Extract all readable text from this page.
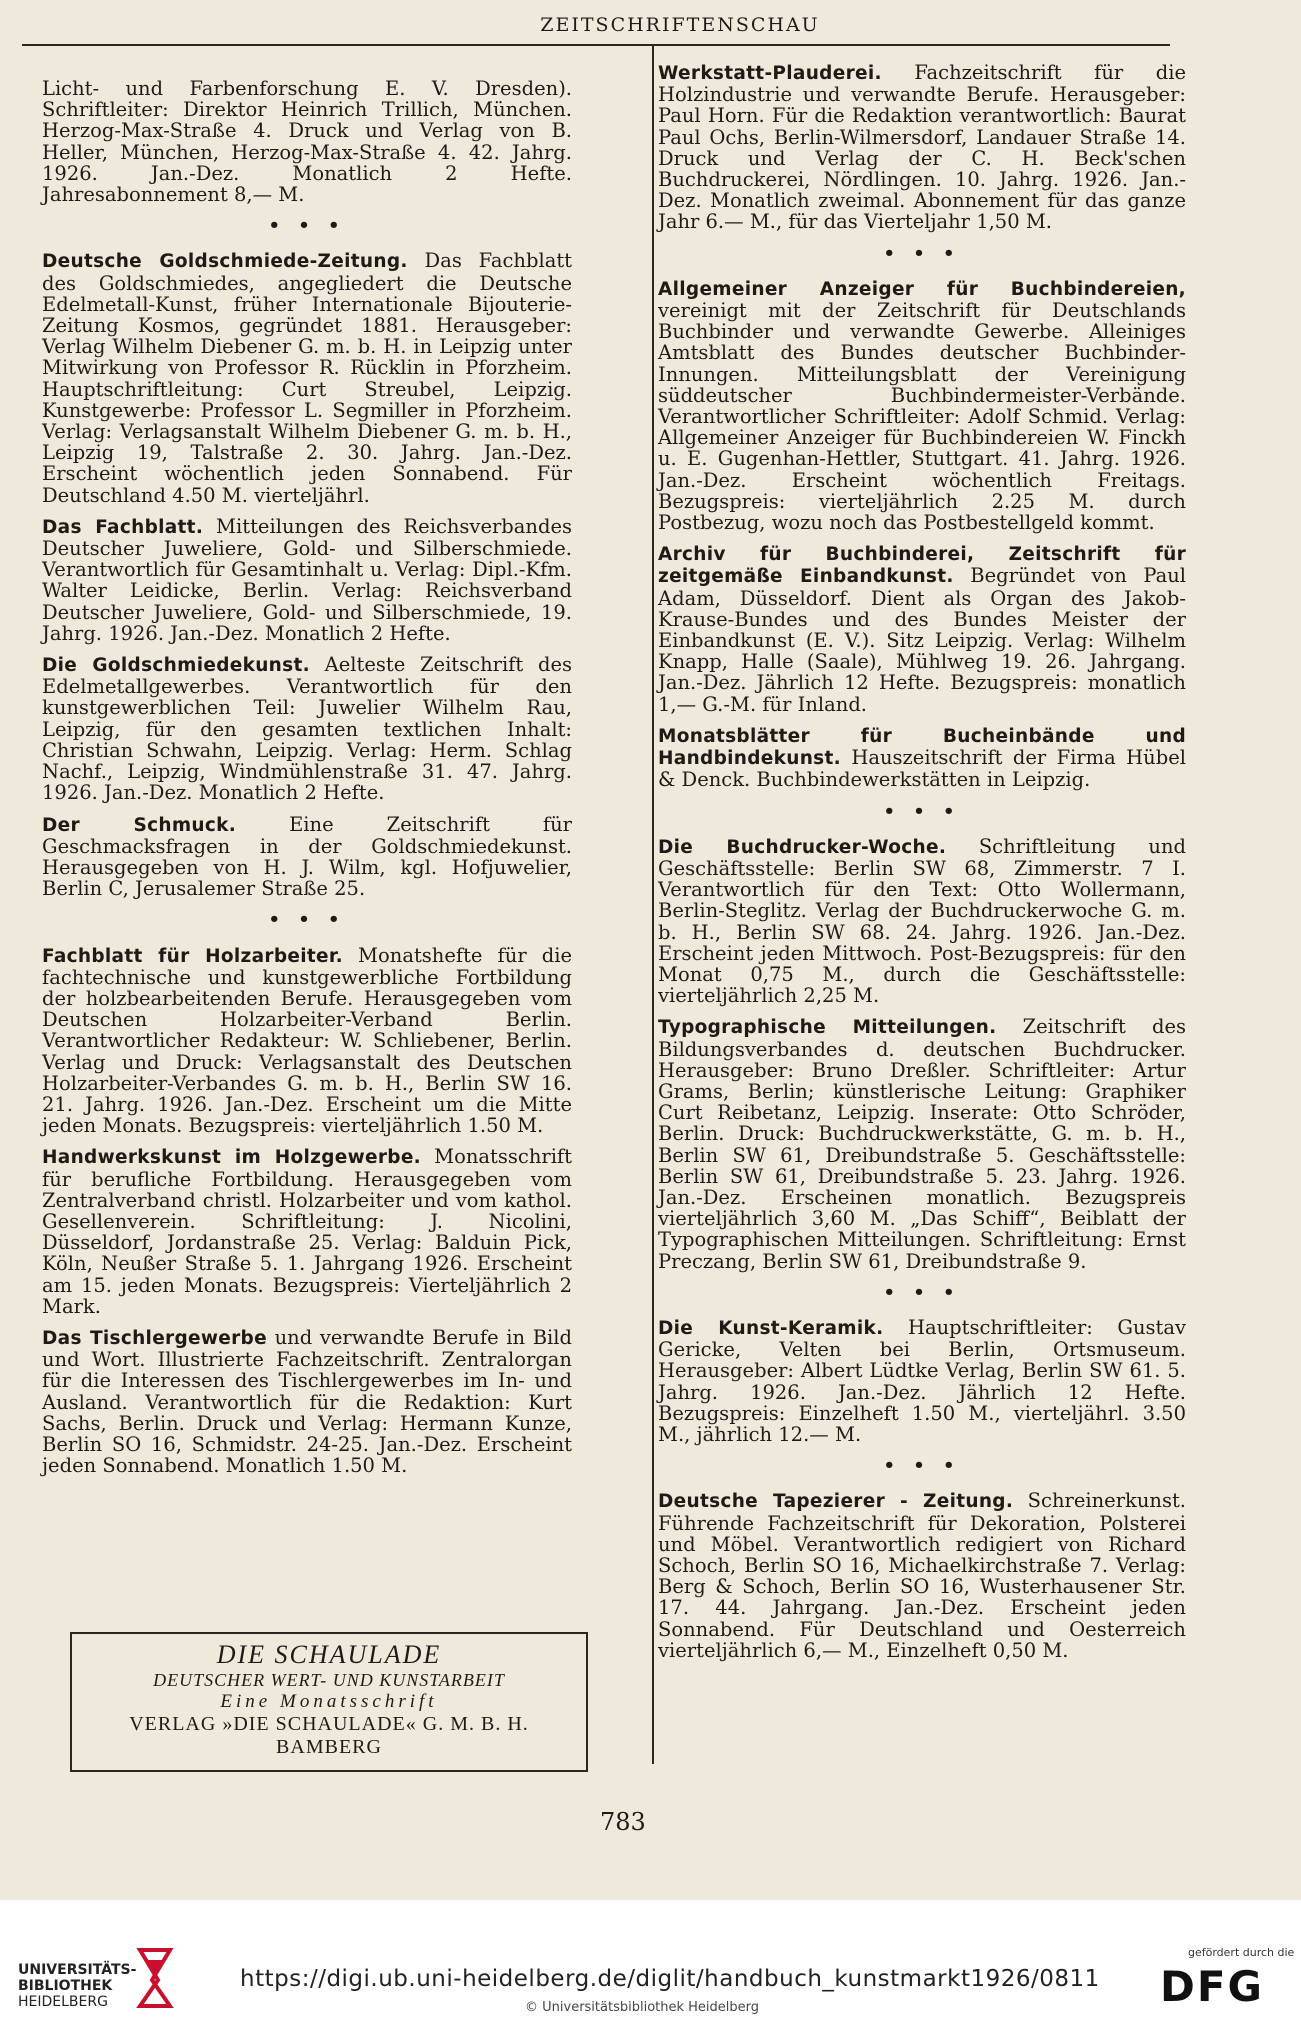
ZEITSCHRIFTENSCHAU

Licht- und Farbenforschung E. V. Dresden). Schriftleiter: Direktor Heinrich Trillich, München. Herzog-Max-Straße 4. Druck und Verlag von B. Heller, München, Herzog-Max-Straße 4. 42. Jahrg. 1926. Jan.-Dez. Monatlich 2 Hefte. Jahresabonnement 8,— M.

• • •

Deutsche Goldschmiede-Zeitung. Das Fachblatt des Goldschmiedes, angegliedert die Deutsche Edelmetall-Kunst, früher Internationale Bijouterie-Zeitung Kosmos, gegründet 1881. Herausgeber: Verlag Wilhelm Diebener G. m. b. H. in Leipzig unter Mitwirkung von Professor R. Rücklin in Pforzheim. Hauptschriftleitung: Curt Streubel, Leipzig. Kunstgewerbe: Professor L. Segmiller in Pforzheim. Verlag: Verlagsanstalt Wilhelm Diebener G. m. b. H., Leipzig 19, Talstraße 2. 30. Jahrg. Jan.-Dez. Erscheint wöchentlich jeden Sonnabend. Für Deutschland 4.50 M. vierteljährl.

Das Fachblatt. Mitteilungen des Reichsverbandes Deutscher Juweliere, Gold- und Silberschmiede. Verantwortlich für Gesamtinhalt u. Verlag: Dipl.-Kfm. Walter Leidicke, Berlin. Verlag: Reichsverband Deutscher Juweliere, Gold- und Silberschmiede, 19. Jahrg. 1926. Jan.-Dez. Monatlich 2 Hefte.

Die Goldschmiedekunst. Aelteste Zeitschrift des Edelmetallgewerbes. Verantwortlich für den kunstgewerblichen Teil: Juwelier Wilhelm Rau, Leipzig, für den gesamten textlichen Inhalt: Christian Schwahn, Leipzig. Verlag: Herm. Schlag Nachf., Leipzig, Windmühlenstraße 31. 47. Jahrg. 1926. Jan.-Dez. Monatlich 2 Hefte.

Der Schmuck. Eine Zeitschrift für Geschmacksfragen in der Goldschmiedekunst. Herausgegeben von H. J. Wilm, kgl. Hofjuwelier, Berlin C, Jerusalemer Straße 25.

• • •

Fachblatt für Holzarbeiter. Monatshefte für die fachtechnische und kunstgewerbliche Fortbildung der holzbearbeitenden Berufe. Herausgegeben vom Deutschen Holzarbeiter-Verband Berlin. Verantwortlicher Redakteur: W. Schliebener, Berlin. Verlag und Druck: Verlagsanstalt des Deutschen Holzarbeiter-Verbandes G. m. b. H., Berlin SW 16. 21. Jahrg. 1926. Jan.-Dez. Erscheint um die Mitte jeden Monats. Bezugspreis: vierteljährlich 1.50 M.

Handwerkskunst im Holzgewerbe. Monatsschrift für berufliche Fortbildung. Herausgegeben vom Zentralverband christl. Holzarbeiter und vom kathol. Gesellenverein. Schriftleitung: J. Nicolini, Düsseldorf, Jordanstraße 25. Verlag: Balduin Pick, Köln, Neußer Straße 5. 1. Jahrgang 1926. Erscheint am 15. jeden Monats. Bezugspreis: Vierteljährlich 2 Mark.

Das Tischlergewerbe und verwandte Berufe in Bild und Wort. Illustrierte Fachzeitschrift. Zentralorgan für die Interessen des Tischlergewerbes im In- und Ausland. Verantwortlich für die Redaktion: Kurt Sachs, Berlin. Druck und Verlag: Hermann Kunze, Berlin SO 16, Schmidstr. 24-25. Jan.-Dez. Erscheint jeden Sonnabend. Monatlich 1.50 M.

Werkstatt-Plauderei. Fachzeitschrift für die Holzindustrie und verwandte Berufe. Herausgeber: Paul Horn. Für die Redaktion verantwortlich: Baurat Paul Ochs, Berlin-Wilmersdorf, Landauer Straße 14. Druck und Verlag der C. H. Beck'schen Buchdruckerei, Nördlingen. 10. Jahrg. 1926. Jan.-Dez. Monatlich zweimal. Abonnement für das ganze Jahr 6.— M., für das Vierteljahr 1,50 M.

• • •

Allgemeiner Anzeiger für Buchbindereien, vereinigt mit der Zeitschrift für Deutschlands Buchbinder und verwandte Gewerbe. Alleiniges Amtsblatt des Bundes deutscher Buchbinder-Innungen. Mitteilungsblatt der Vereinigung süddeutscher Buchbindermeister-Verbände. Verantwortlicher Schriftleiter: Adolf Schmid. Verlag: Allgemeiner Anzeiger für Buchbindereien W. Finckh u. E. Gugenhan-Hettler, Stuttgart. 41. Jahrg. 1926. Jan.-Dez. Erscheint wöchentlich Freitags. Bezugspreis: vierteljährlich 2.25 M. durch Postbezug, wozu noch das Postbestellgeld kommt.

Archiv für Buchbinderei, Zeitschrift für zeitgemäße Einbandkunst. Begründet von Paul Adam, Düsseldorf. Dient als Organ des Jakob-Krause-Bundes und des Bundes Meister der Einbandkunst (E. V.). Sitz Leipzig. Verlag: Wilhelm Knapp, Halle (Saale), Mühlweg 19. 26. Jahrgang. Jan.-Dez. Jährlich 12 Hefte. Bezugspreis: monatlich 1,— G.-M. für Inland.

Monatsblätter für Bucheinbände und Handbindekunst. Hauszeitschrift der Firma Hübel & Denck. Buchbindewerkstätten in Leipzig.

• • •

Die Buchdrucker-Woche. Schriftleitung und Geschäftsstelle: Berlin SW 68, Zimmerstr. 7 I. Verantwortlich für den Text: Otto Wollermann, Berlin-Steglitz. Verlag der Buchdruckerwoche G. m. b. H., Berlin SW 68. 24. Jahrg. 1926. Jan.-Dez. Erscheint jeden Mittwoch. Post-Bezugspreis: für den Monat 0,75 M., durch die Geschäftsstelle: vierteljährlich 2,25 M.

Typographische Mitteilungen. Zeitschrift des Bildungsverbandes d. deutschen Buchdrucker. Herausgeber: Bruno Dreßler. Schriftleiter: Artur Grams, Berlin; künstlerische Leitung: Graphiker Curt Reibetanz, Leipzig. Inserate: Otto Schröder, Berlin. Druck: Buchdruckwerkstätte, G. m. b. H., Berlin SW 61, Dreibundstraße 5. Geschäftsstelle: Berlin SW 61, Dreibundstraße 5. 23. Jahrg. 1926. Jan.-Dez. Erscheinen monatlich. Bezugspreis vierteljährlich 3,60 M. „Das Schiff“, Beiblatt der Typographischen Mitteilungen. Schriftleitung: Ernst Preczang, Berlin SW 61, Dreibundstraße 9.

• • •

Die Kunst-Keramik. Hauptschriftleiter: Gustav Gericke, Velten bei Berlin, Ortsmuseum. Herausgeber: Albert Lüdtke Verlag, Berlin SW 61. 5. Jahrg. 1926. Jan.-Dez. Jährlich 12 Hefte. Bezugspreis: Einzelheft 1.50 M., vierteljährl. 3.50 M., jährlich 12.— M.

• • •

Deutsche Tapezierer - Zeitung. Schreinerkunst. Führende Fachzeitschrift für Dekoration, Polsterei und Möbel. Verantwortlich redigiert von Richard Schoch, Berlin SO 16, Michaelkirchstraße 7. Verlag: Berg & Schoch, Berlin SO 16, Wusterhausener Str. 17. 44. Jahrgang. Jan.-Dez. Erscheint jeden Sonnabend. Für Deutschland und Oesterreich vierteljährlich 6,— M., Einzelheft 0,50 M.

DIE SCHAULADE
DEUTSCHER WERT- UND KUNSTARBEIT
Eine Monatsschrift
VERLAG »DIE SCHAULADE« G. M. B. H.
BAMBERG
783
UNIVERSITÄTS-
BIBLIOTHEK
HEIDELBERG
https://digi.ub.uni-heidelberg.de/diglit/handbuch_kunstmarkt1926/0811
© Universitätsbibliothek Heidelberg
gefördert durch die
DFG
